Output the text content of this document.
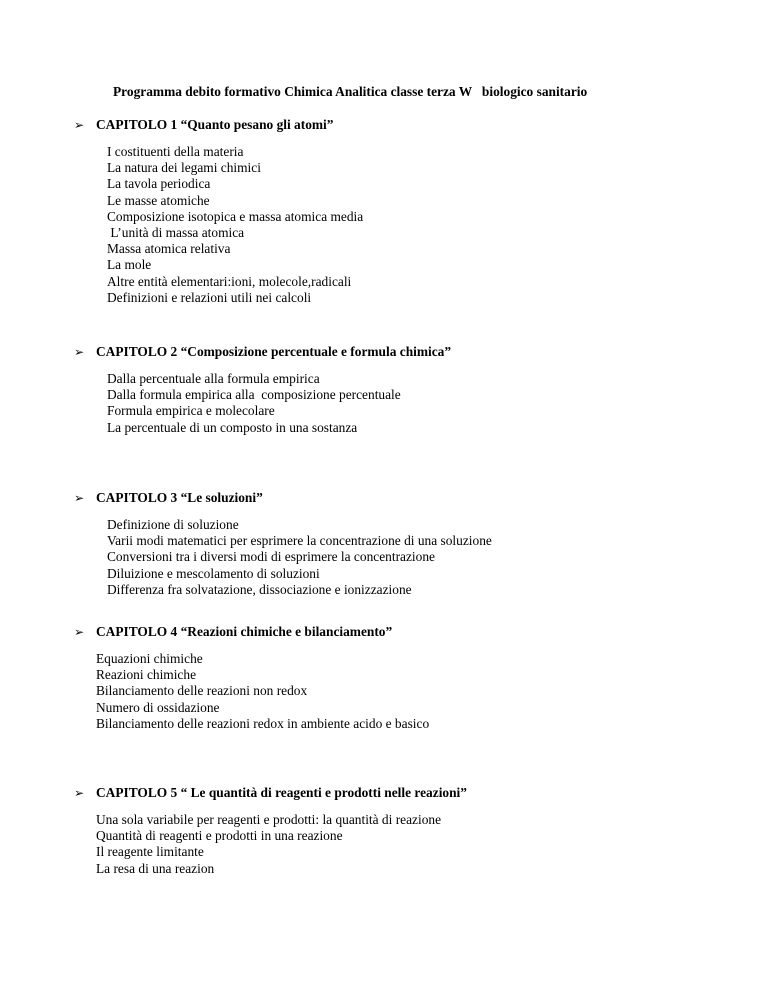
Programma debito formativo Chimica Analitica classe terza W   biologico sanitario
➢ CAPITOLO 1 “Quanto pesano gli atomi”
I costituenti della materia
La natura dei legami chimici
La tavola periodica
Le masse atomiche
Composizione isotopica e massa atomica media
L’unità di massa atomica
Massa atomica relativa
La mole
Altre entità elementari:ioni, molecole,radicali
Definizioni e relazioni utili nei calcoli
➢ CAPITOLO 2 “Composizione percentuale e formula chimica”
Dalla percentuale alla formula empirica
Dalla formula empirica alla  composizione percentuale
Formula empirica e molecolare
La percentuale di un composto in una sostanza
➢ CAPITOLO 3 “Le soluzioni”
Definizione di soluzione
Varii modi matematici per esprimere la concentrazione di una soluzione
Conversioni tra i diversi modi di esprimere la concentrazione
Diluizione e mescolamento di soluzioni
Differenza fra solvatazione, dissociazione e ionizzazione
➢ CAPITOLO 4 “Reazioni chimiche e bilanciamento”
Equazioni chimiche
Reazioni chimiche
Bilanciamento delle reazioni non redox
Numero di ossidazione
Bilanciamento delle reazioni redox in ambiente acido e basico
➢ CAPITOLO 5 “ Le quantità di reagenti e prodotti nelle reazioni”
Una sola variabile per reagenti e prodotti: la quantità di reazione
Quantità di reagenti e prodotti in una reazione
Il reagente limitante
La resa di una reazion
